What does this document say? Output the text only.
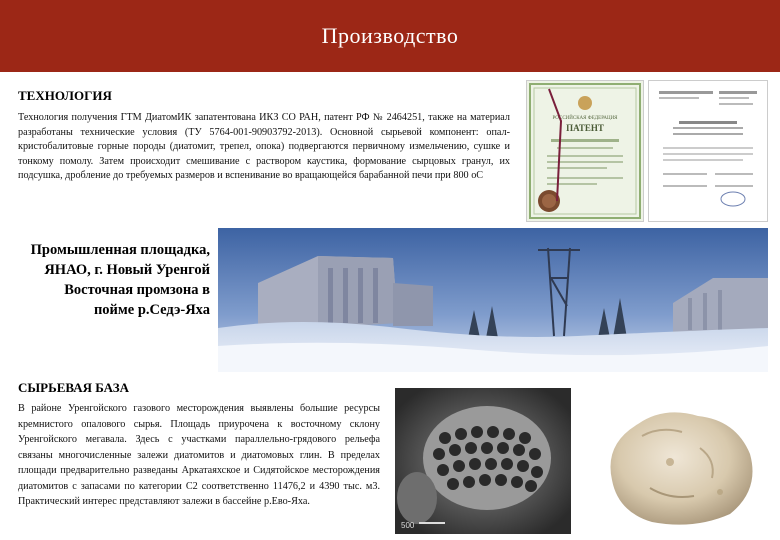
Производство
ТЕХНОЛОГИЯ
Технология получения ГТМ ДиатомИК запатентована ИКЗ СО РАН, патент РФ № 2464251, также на материал разработаны технические условия (ТУ 5764-001-90903792-2013). Основной сырьевой компонент: опал-кристобалитовые горные породы (диатомит, трепел, опока) подвергаются первичному измельчению, сушке и тонкому помолу. Затем происходит смешивание с раствором каустика, формование сырцовых гранул, их подсушка, дробление до требуемых размеров и вспенивание во вращающейся барабанной печи при 800 оС
РОССИЙСКАЯ ФЕДЕРАЦИЯ
ПАТЕНТ
Промышленная площадка, ЯНАО, г. Новый Уренгой Восточная промзона в пойме р.Седэ-Яха
СЫРЬЕВАЯ БАЗА
В районе Уренгойского газового месторождения выявлены большие ресурсы кремнистого опалового сырья. Площадь приурочена к восточному склону Уренгойского мегавала. Здесь с участками параллельно-грядового рельефа связаны многочисленные залежи диатомитов и диатомовых глин. В пределах площади предварительно разведаны Аркатаяхское и Сидятойское месторождения диатомитов с запасами по категории С2 соответственно 11476,2 и 4390 тыс. м3. Практический интерес представляют залежи в бассейне р.Ево-Яха.
500
